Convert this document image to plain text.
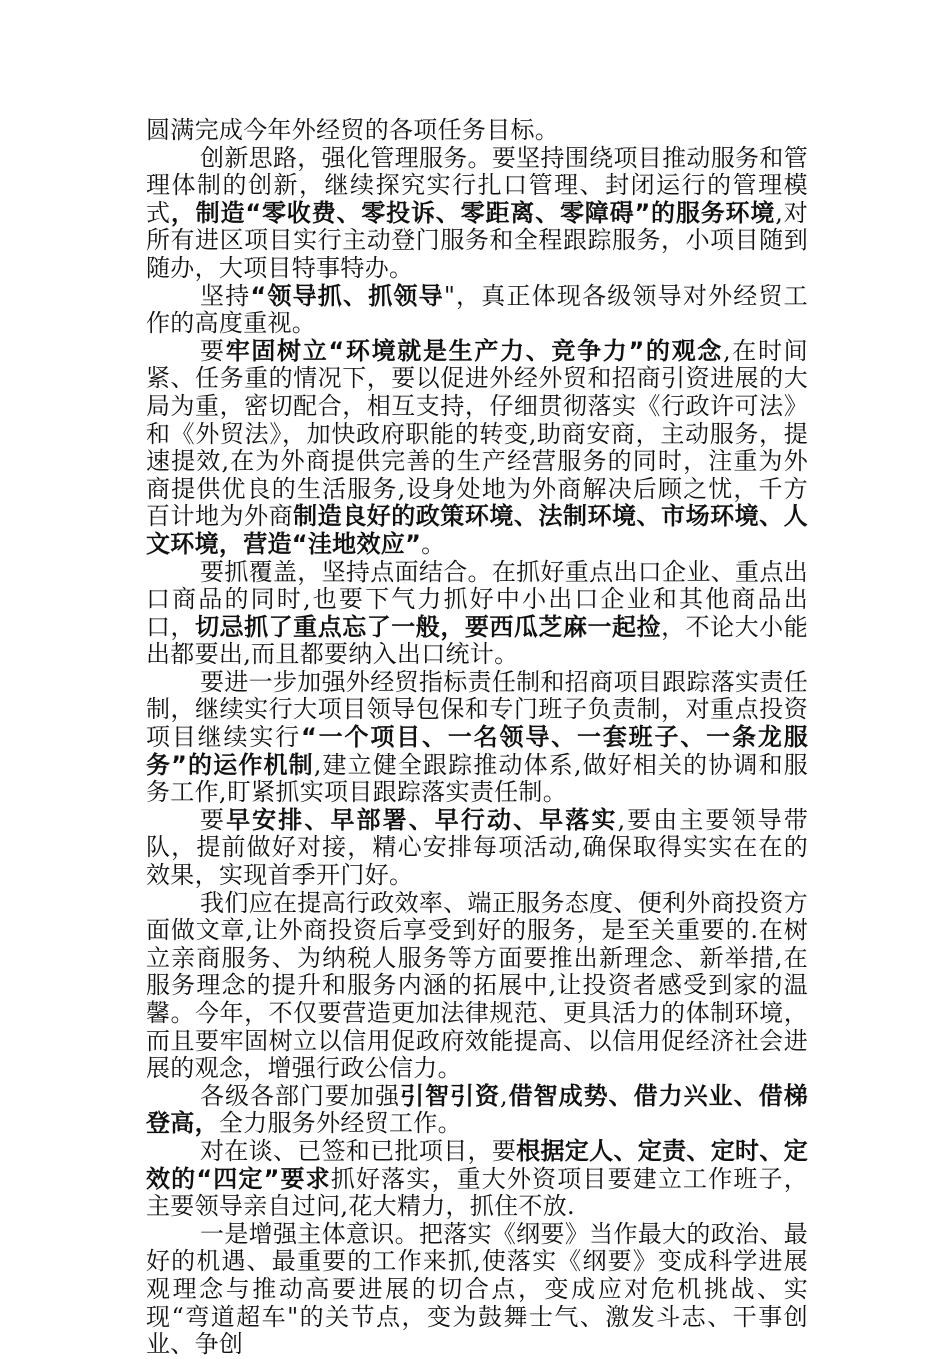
圆满完成今年外经贸的各项任务目标。

创新思路，强化管理服务。要坚持围绕项目推动服务和管理体制的创新，继续探究实行扎口管理、封闭运行的管理模式，制造“零收费、零投诉、零距离、零障碍”的服务环境,对所有进区项目实行主动登门服务和全程跟踪服务，小项目随到随办，大项目特事特办。

坚持“领导抓、抓领导"，真正体现各级领导对外经贸工作的高度重视。

要牢固树立“环境就是生产力、竞争力”的观念,在时间紧、任务重的情况下，要以促进外经外贸和招商引资进展的大局为重，密切配合，相互支持，仔细贯彻落实《行政许可法》和《外贸法》，加快政府职能的转变,助商安商，主动服务，提速提效,在为外商提供完善的生产经营服务的同时，注重为外商提供优良的生活服务,设身处地为外商解决后顾之忧，千方百计地为外商制造良好的政策环境、法制环境、市场环境、人文环境，营造“洼地效应”。

要抓覆盖，坚持点面结合。在抓好重点出口企业、重点出口商品的同时,也要下气力抓好中小出口企业和其他商品出口，切忌抓了重点忘了一般，要西瓜芝麻一起捡，不论大小能出都要出,而且都要纳入出口统计。

要进一步加强外经贸指标责任制和招商项目跟踪落实责任制，继续实行大项目领导包保和专门班子负责制，对重点投资项目继续实行“一个项目、一名领导、一套班子、一条龙服务”的运作机制,建立健全跟踪推动体系,做好相关的协调和服务工作,盯紧抓实项目跟踪落实责任制。

要早安排、早部署、早行动、早落实,要由主要领导带队，提前做好对接，精心安排每项活动,确保取得实实在在的效果，实现首季开门好。

我们应在提高行政效率、端正服务态度、便利外商投资方面做文章,让外商投资后享受到好的服务，是至关重要的.在树立亲商服务、为纳税人服务等方面要推出新理念、新举措,在服务理念的提升和服务内涵的拓展中,让投资者感受到家的温馨。今年，不仅要营造更加法律规范、更具活力的体制环境，而且要牢固树立以信用促政府效能提高、以信用促经济社会进展的观念，增强行政公信力。

各级各部门要加强引智引资,借智成势、借力兴业、借梯登高，全力服务外经贸工作。

对在谈、已签和已批项目，要根据定人、定责、定时、定效的“四定”要求抓好落实，重大外资项目要建立工作班子，主要领导亲自过问,花大精力，抓住不放.

一是增强主体意识。把落实《纲要》当作最大的政治、最好的机遇、最重要的工作来抓,使落实《纲要》变成科学进展观理念与推动高要进展的切合点，变成应对危机挑战、实现“弯道超车"的关节点，变为鼓舞士气、激发斗志、干事创业、争创
